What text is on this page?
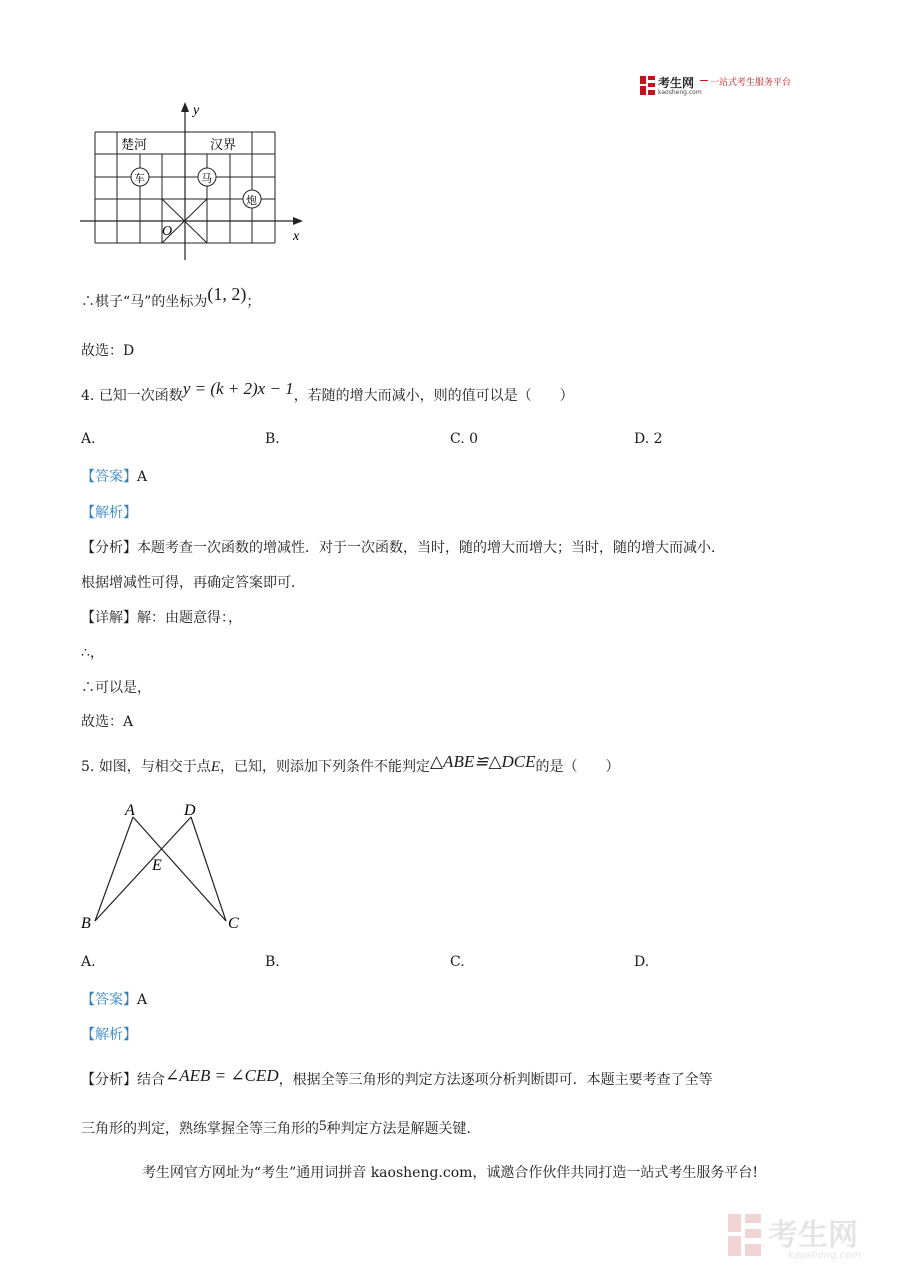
考生网
kaosheng.com
一站式考生服务平台
y
x
O
楚河	汉界
车	马
炮
∴棋子“马”的坐标为(1, 2)；
故选：D
4. 已知一次函数y = (k + 2)x − 1，若随的增大而减小，则的值可以是（　　）
A.	B.	C. 0	D. 2
【答案】A
【解析】
【分析】本题考查一次函数的增减性．对于一次函数，当时，随的增大而增大；当时，随的增大而减小．
根据增减性可得，再确定答案即可．
【详解】解：由题意得：，
∴，
∴可以是，
故选：A
5. 如图，与相交于点E，已知，则添加下列条件不能判定△ABE≌△DCE的是（　　）
A	D
E
B	C
A.	B.	C.	D.
【答案】A
【解析】
【分析】结合∠AEB = ∠CED，根据全等三角形的判定方法逐项分析判断即可．本题主要考查了全等
三角形的判定，熟练掌握全等三角形的5种判定方法是解题关键．
考生网官方网址为“考生”通用词拼音 kaosheng.com，诚邀合作伙伴共同打造一站式考生服务平台!
考生网
kaosheng.com
